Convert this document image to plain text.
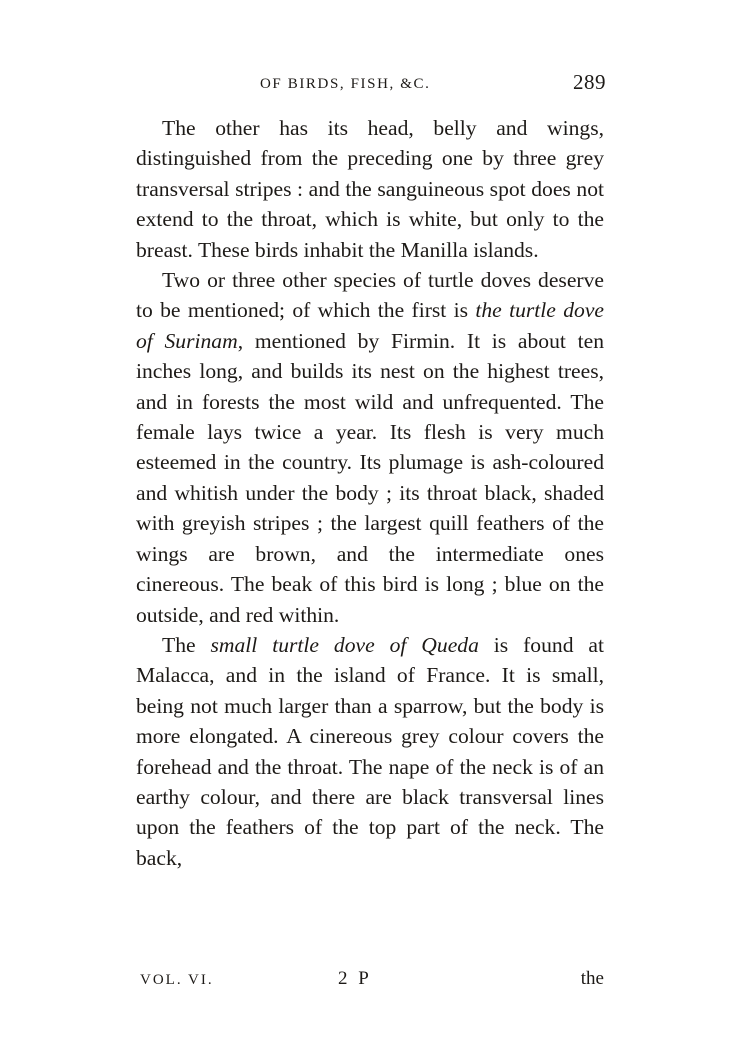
OF BIRDS, FISH, &C.	289

The other has its head, belly and wings, distinguished from the preceding one by three grey transversal stripes : and the sanguineous spot does not extend to the throat, which is white, but only to the breast. These birds inhabit the Manilla islands.

Two or three other species of turtle doves deserve to be mentioned; of which the first is the turtle dove of Surinam, mentioned by Firmin. It is about ten inches long, and builds its nest on the highest trees, and in forests the most wild and unfrequented. The female lays twice a year. Its flesh is very much esteemed in the country. Its plumage is ash-coloured and whitish under the body ; its throat black, shaded with greyish stripes ; the largest quill feathers of the wings are brown, and the intermediate ones cinereous. The beak of this bird is long ; blue on the outside, and red within.

The small turtle dove of Queda is found at Malacca, and in the island of France. It is small, being not much larger than a sparrow, but the body is more elongated. A cinereous grey colour covers the forehead and the throat. The nape of the neck is of an earthy colour, and there are black transversal lines upon the feathers of the top part of the neck. The back,

VOL. VI.	2 P	the
